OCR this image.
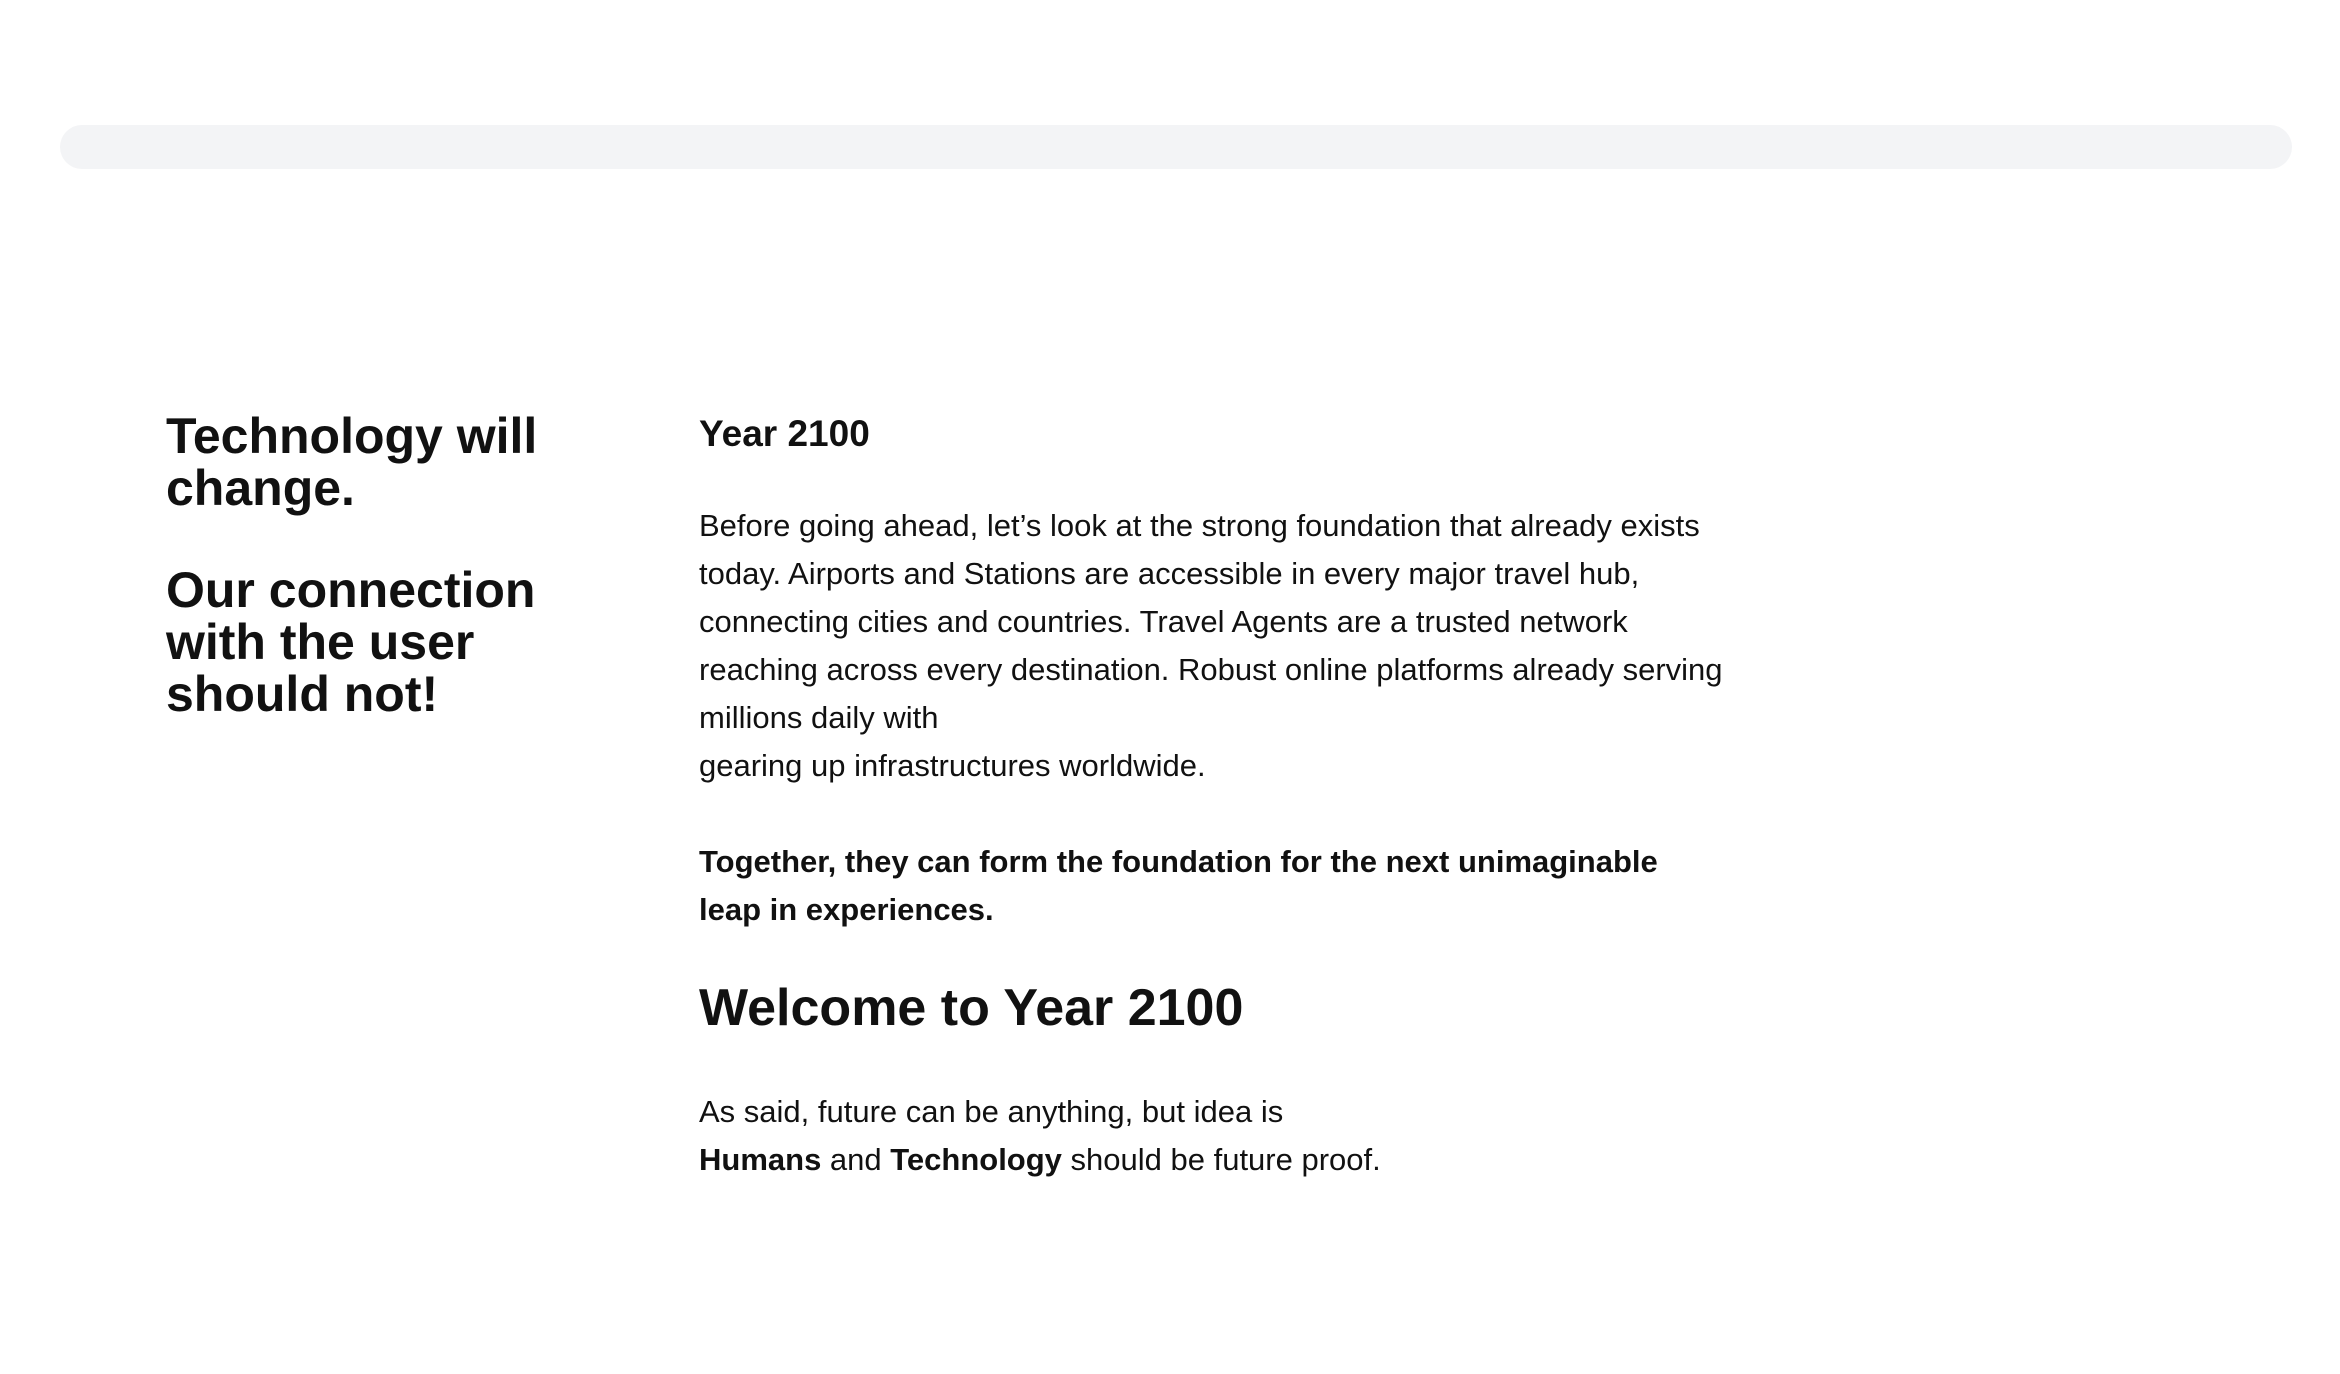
Technology will change.
Our connection with the user should not!
Year 2100

Before going ahead, let’s look at the strong foundation that already exists
today. Airports and Stations are accessible in every major travel hub,
connecting cities and countries. Travel Agents are a trusted network
reaching across every destination. Robust online platforms already serving
millions daily with
gearing up infrastructures worldwide.

Together, they can form the foundation for the next unimaginable
leap in experiences.

Welcome to Year 2100

As said, future can be anything, but idea is
Humans and Technology should be future proof.
